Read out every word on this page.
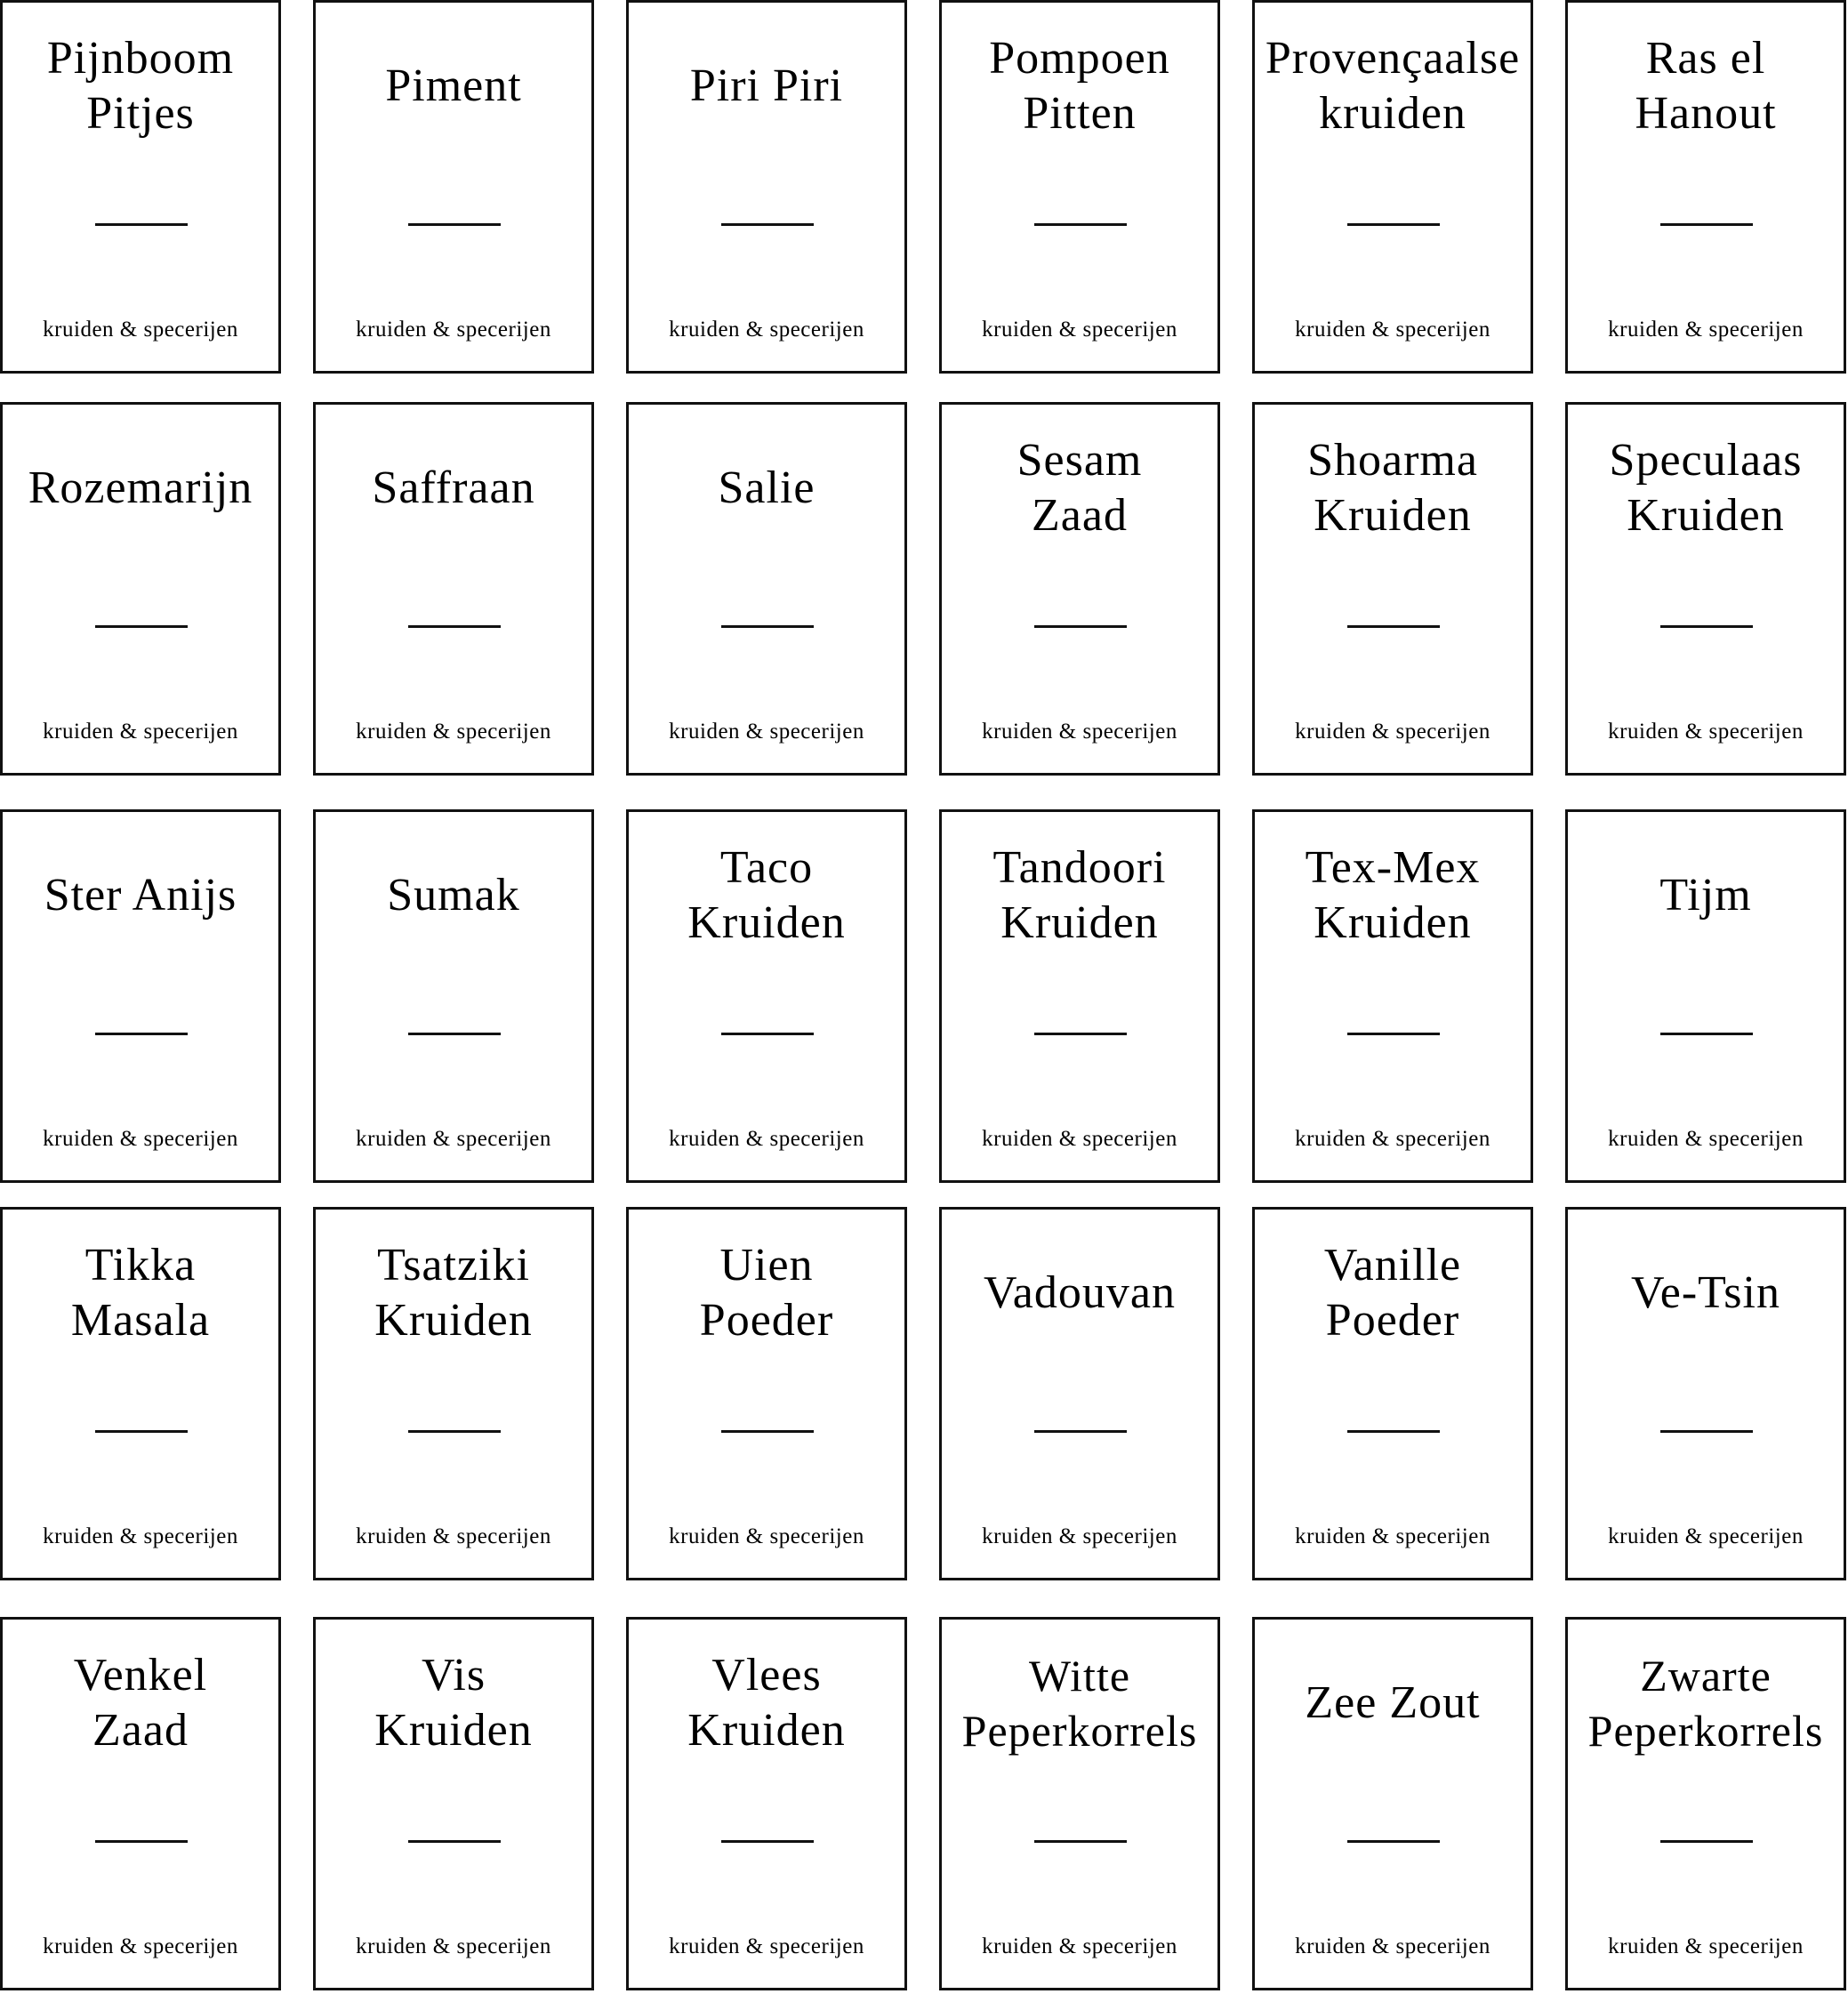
Pijnboom
Pitjes
kruiden & specerijen
Piment
kruiden & specerijen
Piri Piri
kruiden & specerijen
Pompoen
Pitten
kruiden & specerijen
Provençaalse
kruiden
kruiden & specerijen
Ras el
Hanout
kruiden & specerijen
Rozemarijn
kruiden & specerijen
Saffraan
kruiden & specerijen
Salie
kruiden & specerijen
Sesam
Zaad
kruiden & specerijen
Shoarma
Kruiden
kruiden & specerijen
Speculaas
Kruiden
kruiden & specerijen
Ster Anijs
kruiden & specerijen
Sumak
kruiden & specerijen
Taco
Kruiden
kruiden & specerijen
Tandoori
Kruiden
kruiden & specerijen
Tex-Mex
Kruiden
kruiden & specerijen
Tijm
kruiden & specerijen
Tikka
Masala
kruiden & specerijen
Tsatziki
Kruiden
kruiden & specerijen
Uien
Poeder
kruiden & specerijen
Vadouvan
kruiden & specerijen
Vanille
Poeder
kruiden & specerijen
Ve-Tsin
kruiden & specerijen
Venkel
Zaad
kruiden & specerijen
Vis
Kruiden
kruiden & specerijen
Vlees
Kruiden
kruiden & specerijen
Witte
Peperkorrels
kruiden & specerijen
Zee Zout
kruiden & specerijen
Zwarte
Peperkorrels
kruiden & specerijen
